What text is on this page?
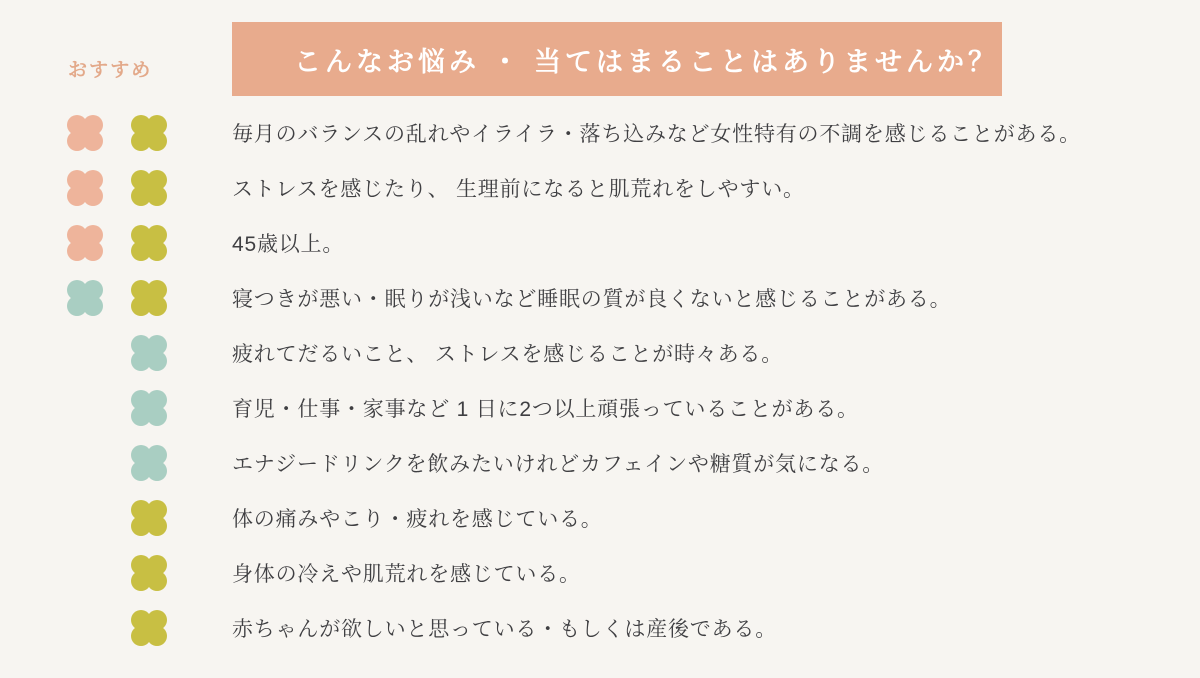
おすすめ	こんなお悩み ・ 当てはまることはありませんか？
毎月のバランスの乱れやイライラ・落ち込みなど女性特有の不調を感じることがある。
ストレスを感じたり、 生理前になると肌荒れをしやすい。
45歳以上。
寝つきが悪い・眠りが浅いなど睡眠の質が良くないと感じることがある。
疲れてだるいこと、 ストレスを感じることが時々ある。
育児・仕事・家事など 1 日に2つ以上頑張っていることがある。
エナジードリンクを飲みたいけれどカフェインや糖質が気になる。
体の痛みやこり・疲れを感じている。
身体の冷えや肌荒れを感じている。
赤ちゃんが欲しいと思っている・もしくは産後である。
